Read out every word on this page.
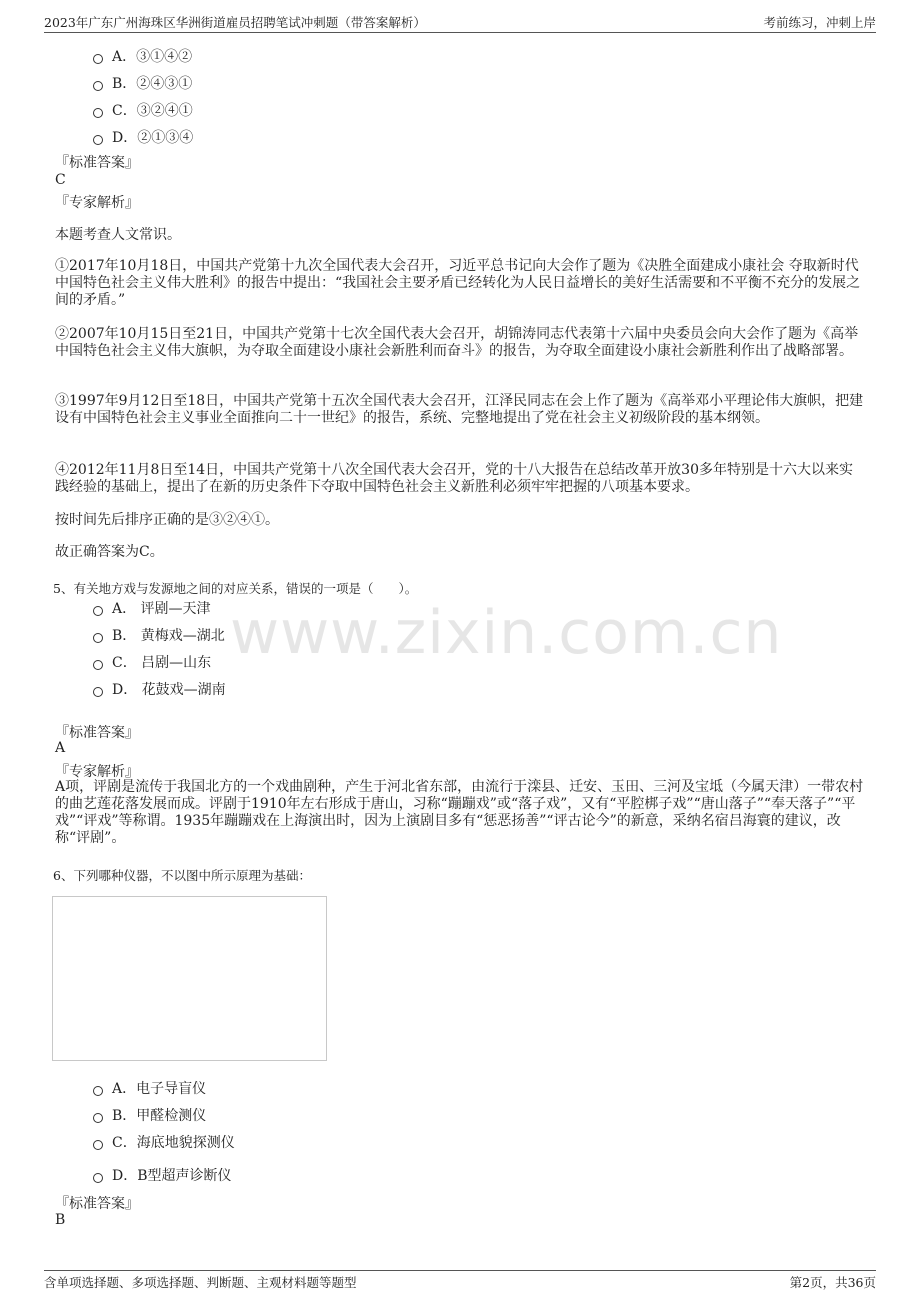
2023年广东广州海珠区华洲街道雇员招聘笔试冲刺题（带答案解析）	考前练习，冲刺上岸
www.zixin.com.cn
A．③①④②
B．②④③①
C．③②④①
D．②①③④
『标准答案』
C
『专家解析』
本题考查人文常识。
①2017年10月18日，中国共产党第十九次全国代表大会召开，习近平总书记向大会作了题为《决胜全面建成小康社会 夺取新时代中国特色社会主义伟大胜利》的报告中提出：“我国社会主要矛盾已经转化为人民日益增长的美好生活需要和不平衡不充分的发展之间的矛盾。”
②2007年10月15日至21日，中国共产党第十七次全国代表大会召开，胡锦涛同志代表第十六届中央委员会向大会作了题为《高举中国特色社会主义伟大旗帜，为夺取全面建设小康社会新胜利而奋斗》的报告，为夺取全面建设小康社会新胜利作出了战略部署。
③1997年9月12日至18日，中国共产党第十五次全国代表大会召开，江泽民同志在会上作了题为《高举邓小平理论伟大旗帜，把建设有中国特色社会主义事业全面推向二十一世纪》的报告，系统、完整地提出了党在社会主义初级阶段的基本纲领。
④2012年11月8日至14日，中国共产党第十八次全国代表大会召开，党的十八大报告在总结改革开放30多年特别是十六大以来实践经验的基础上，提出了在新的历史条件下夺取中国特色社会主义新胜利必须牢牢把握的八项基本要求。
按时间先后排序正确的是③②④①。
故正确答案为C。
5、有关地方戏与发源地之间的对应关系，错误的一项是（　　）。
A． 评剧—天津
B． 黄梅戏—湖北
C． 吕剧—山东
D． 花鼓戏—湖南
『标准答案』
A
『专家解析』
A项，评剧是流传于我国北方的一个戏曲剧种，产生于河北省东部，由流行于滦县、迁安、玉田、三河及宝坻（今属天津）一带农村的曲艺莲花落发展而成。评剧于1910年左右形成于唐山，习称“蹦蹦戏”或“落子戏”，又有“平腔梆子戏”“唐山落子”“奉天落子”“平戏”“评戏”等称谓。1935年蹦蹦戏在上海演出时，因为上演剧目多有“惩恶扬善”“评古论今”的新意，采纳名宿吕海寰的建议，改称“评剧”。
6、下列哪种仪器，不以图中所示原理为基础：
A．电子导盲仪
B．甲醛检测仪
C．海底地貌探测仪
D．B型超声诊断仪
『标准答案』
B
含单项选择题、多项选择题、判断题、主观材料题等题型	第2页，共36页
